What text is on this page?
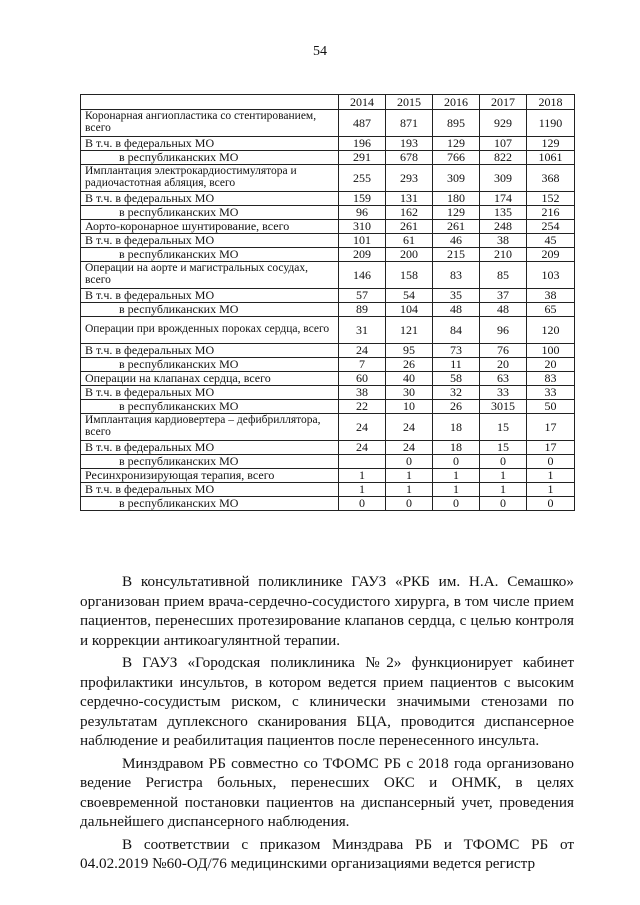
54
	2014	2015	2016	2017	2018
Коронарная ангиопластика со стентированием, всего	487	871	895	929	1190
В т.ч. в федеральных МО	196	193	129	107	129
в республиканских МО	291	678	766	822	1061
Имплантация электрокардиостимулятора и радиочастотная абляция, всего	255	293	309	309	368
В т.ч. в федеральных МО	159	131	180	174	152
в республиканских МО	96	162	129	135	216
Аорто-коронарное шунтирование, всего	310	261	261	248	254
В т.ч. в федеральных МО	101	61	46	38	45
в республиканских МО	209	200	215	210	209
Операции на аорте и магистральных сосудах, всего	146	158	83	85	103
В т.ч. в федеральных МО	57	54	35	37	38
в республиканских МО	89	104	48	48	65
Операции при врожденных пороках сердца, всего	31	121	84	96	120
В т.ч. в федеральных МО	24	95	73	76	100
в республиканских МО	7	26	11	20	20
Операции на клапанах сердца, всего	60	40	58	63	83
В т.ч. в федеральных МО	38	30	32	33	33
в республиканских МО	22	10	26	3015	50
Имплантация кардиовертера – дефибриллятора, всего	24	24	18	15	17
В т.ч. в федеральных МО	24	24	18	15	17
в республиканских МО		0	0	0	0
Ресинхронизирующая терапия, всего	1	1	1	1	1
В т.ч. в федеральных МО	1	1	1	1	1
в республиканских МО	0	0	0	0	0

В консультативной поликлинике ГАУЗ «РКБ им. Н.А. Семашко» организован прием врача-сердечно-сосудистого хирурга, в том числе прием пациентов, перенесших протезирование клапанов сердца, с целью контроля и коррекции антикоагулянтной терапии.

В ГАУЗ «Городская поликлиника №2» функционирует кабинет профилактики инсультов, в котором ведется прием пациентов с высоким сердечно-сосудистым риском, с клинически значимыми стенозами по результатам дуплексного сканирования БЦА, проводится диспансерное наблюдение и реабилитация пациентов после перенесенного инсульта.

Минздравом РБ совместно со ТФОМС РБ с 2018 года организовано ведение Регистра больных, перенесших ОКС и ОНМК, в целях своевременной постановки пациентов на диспансерный учет, проведения дальнейшего диспансерного наблюдения.

В соответствии с приказом Минздрава РБ и ТФОМС РБ от 04.02.2019 №60-ОД/76 медицинскими организациями ведется регистр
